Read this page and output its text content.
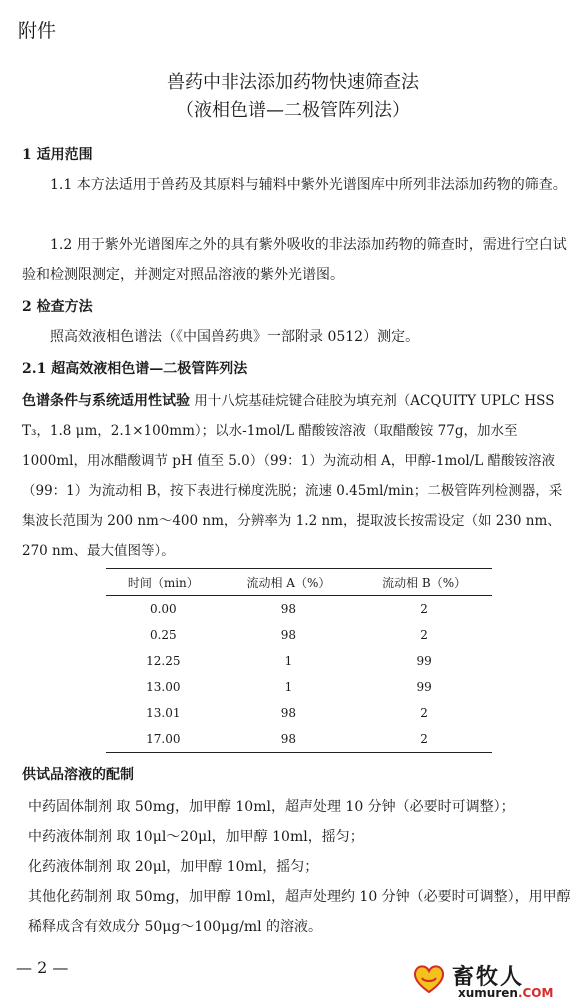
附件
兽药中非法添加药物快速筛查法
（液相色谱—二极管阵列法）
1 适用范围
1.1 本方法适用于兽药及其原料与辅料中紫外光谱图库中所列非法添加药物的筛查。
1.2 用于紫外光谱图库之外的具有紫外吸收的非法添加药物的筛查时，需进行空白试验和检测限测定，并测定对照品溶液的紫外光谱图。
2 检查方法
照高效液相色谱法（《中国兽药典》一部附录 0512）测定。
2.1 超高效液相色谱—二极管阵列法
色谱条件与系统适用性试验 用十八烷基硅烷键合硅胶为填充剂（ACQUITY UPLC HSS T₃，1.8 μm，2.1×100mm）；以水-1mol/L 醋酸铵溶液（取醋酸铵 77g，加水至 1000ml，用冰醋酸调节 pH 值至 5.0）（99：1）为流动相 A，甲醇-1mol/L 醋酸铵溶液（99：1）为流动相 B，按下表进行梯度洗脱；流速 0.45ml/min；二极管阵列检测器，采集波长范围为 200 nm～400 nm，分辨率为 1.2 nm，提取波长按需设定（如 230 nm、270 nm、最大值图等）。
时间（min）	流动相 A（%）	流动相 B（%）
0.00	98	2
0.25	98	2
12.25	1	99
13.00	1	99
13.01	98	2
17.00	98	2
供试品溶液的配制
中药固体制剂 取 50mg，加甲醇 10ml，超声处理 10 分钟（必要时可调整）；
中药液体制剂 取 10μl～20μl，加甲醇 10ml，摇匀；
化药液体制剂 取 20μl，加甲醇 10ml，摇匀；
其他化药制剂 取 50mg，加甲醇 10ml，超声处理约 10 分钟（必要时可调整），用甲醇稀释成含有效成分 50μg～100μg/ml 的溶液。
— 2 —	畜牧人
xumuren.COM
